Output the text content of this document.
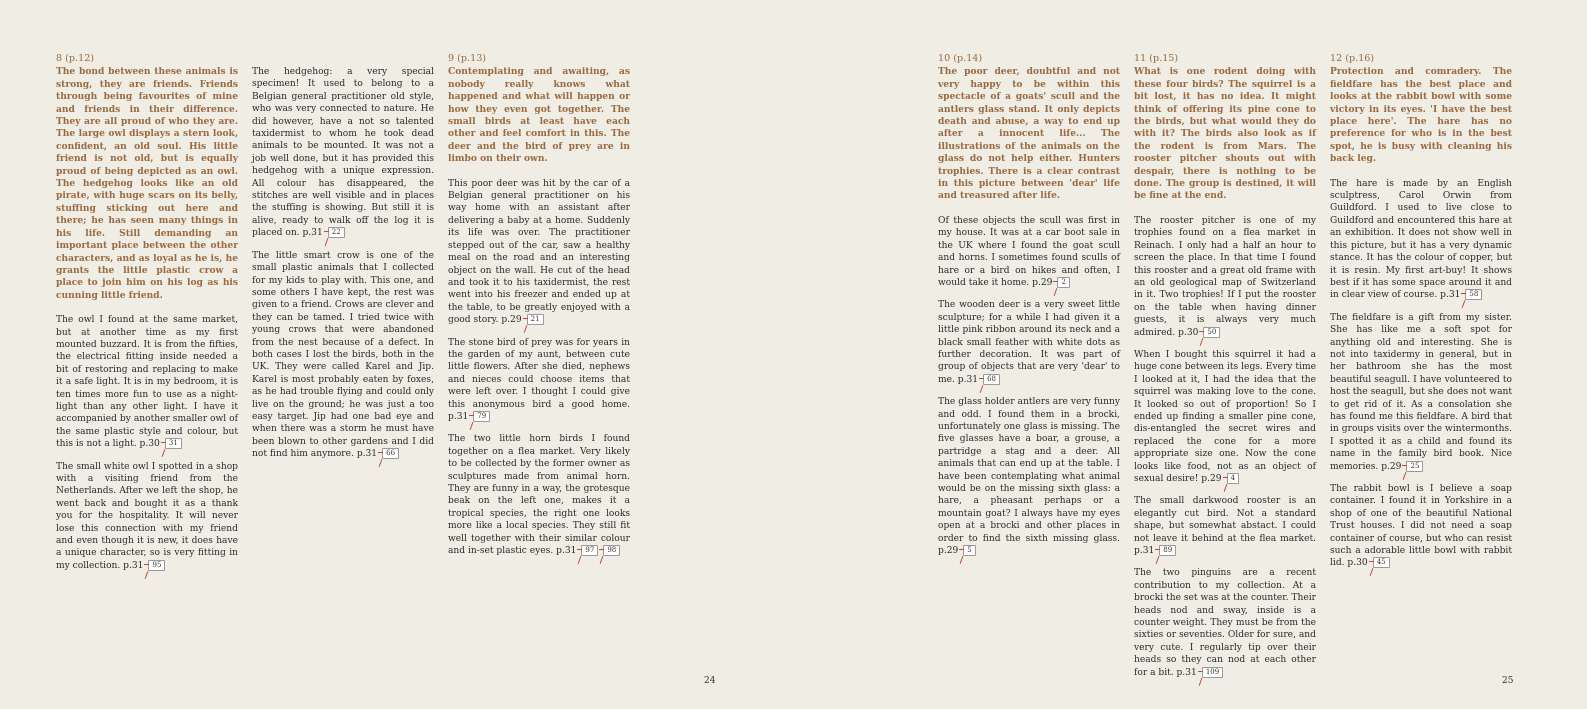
8 (p.12)
The bond between these animals is strong, they are friends. Friends through being favourites of mine and friends in their difference. They are all proud of who they are. The large owl displays a stern look, confident, an old soul. His little friend is not old, but is equally proud of being depicted as an owl. The hedgehog looks like an old pirate, with huge scars on its belly, stuffing sticking out here and there; he has seen many things in his life. Still demanding an important place between the other characters, and as loyal as he is, he grants the little plastic crow a place to join him on his log as his cunning little friend.
The owl I found at the same market, but at another time as my first mounted buzzard. It is from the fifties, the electrical fitting inside needed a bit of restoring and replacing to make it a safe light. It is in my bedroom, it is ten times more fun to use as a night-light than any other light. I have it accompanied by another smaller owl of the same plastic style and colour, but this is not a light. p.30 31
The small white owl I spotted in a shop with a visiting friend from the Netherlands. After we left the shop, he went back and bought it as a thank you for the hospitality. It will never lose this connection with my friend and even though it is new, it does have a unique character, so is very fitting in my collection. p.31 95
The hedgehog: a very special specimen! It used to belong to a Belgian general practitioner old style, who was very connected to nature. He did however, have a not so talented taxidermist to whom he took dead animals to be mounted. It was not a job well done, but it has provided this hedgehog with a unique expression. All colour has disappeared, the stitches are well visible and in places the stuffing is showing. But still it is alive, ready to walk off the log it is placed on. p.31 22
The little smart crow is one of the small plastic animals that I collected for my kids to play with. This one, and some others I have kept, the rest was given to a friend. Crows are clever and they can be tamed. I tried twice with young crows that were abandoned from the nest because of a defect. In both cases I lost the birds, both in the UK. They were called Karel and Jip. Karel is most probably eaten by foxes, as he had trouble flying and could only live on the ground; he was just a too easy target. Jip had one bad eye and when there was a storm he must have been blown to other gardens and I did not find him anymore. p.31 66
9 (p.13)
Contemplating and awaiting, as nobody really knows what happened and what will happen or how they even got together. The small birds at least have each other and feel comfort in this. The deer and the bird of prey are in limbo on their own.
This poor deer was hit by the car of a Belgian general practitioner on his way home with an assistant after delivering a baby at a home. Suddenly its life was over. The practitioner stepped out of the car, saw a healthy meal on the road and an interesting object on the wall. He cut of the head and took it to his taxidermist, the rest went into his freezer and ended up at the table, to be greatly enjoyed with a good story. p.29 21
The stone bird of prey was for years in the garden of my aunt, between cute little flowers. After she died, nephews and nieces could choose items that were left over. I thought I could give this anonymous bird a good home. p.31 79
The two little horn birds I found together on a flea market. Very likely to be collected by the former owner as sculptures made from animal horn. They are funny in a way, the grotesque beak on the left one, makes it a tropical species, the right one looks more like a local species. They still fit well together with their similar colour and in-set plastic eyes. p.31 97 98
24
10 (p.14)
The poor deer, doubtful and not very happy to be within this spectacle of a goats' scull and the antlers glass stand. It only depicts death and abuse, a way to end up after a innocent life... The illustrations of the animals on the glass do not help either. Hunters trophies. There is a clear contrast in this picture between 'dear' life and treasured after life.
Of these objects the scull was first in my house. It was at a car boot sale in the UK where I found the goat scull and horns. I sometimes found sculls of hare or a bird on hikes and often, I would take it home. p.29 2
The wooden deer is a very sweet little sculpture; for a while I had given it a little pink ribbon around its neck and a black small feather with white dots as further decoration. It was part of group of objects that are very 'dear' to me. p.31 68
The glass holder antlers are very funny and odd. I found them in a brocki, unfortunately one glass is missing. The five glasses have a boar, a grouse, a partridge a stag and a deer. All animals that can end up at the table. I have been contemplating what animal would be on the missing sixth glass: a hare, a pheasant perhaps or a mountain goat? I always have my eyes open at a brocki and other places in order to find the sixth missing glass. p.29 5
11 (p.15)
What is one rodent doing with these four birds? The squirrel is a bit lost, it has no idea. It might think of offering its pine cone to the birds, but what would they do with it? The birds also look as if the rodent is from Mars. The rooster pitcher shouts out with despair, there is nothing to be done. The group is destined, it will be fine at the end.
The rooster pitcher is one of my trophies found on a flea market in Reinach. I only had a half an hour to screen the place. In that time I found this rooster and a great old frame with an old geological map of Switzerland in it. Two trophies! If I put the rooster on the table when having dinner guests, it is always very much admired. p.30 50
When I bought this squirrel it had a huge cone between its legs. Every time I looked at it, I had the idea that the squirrel was making love to the cone. It looked so out of proportion! So I ended up finding a smaller pine cone, dis-entangled the secret wires and replaced the cone for a more appropriate size one. Now the cone looks like food, not as an object of sexual desire! p.29 4
The small darkwood rooster is an elegantly cut bird. Not a standard shape, but somewhat abstact. I could not leave it behind at the flea market. p.31 89
The two pinguins are a recent contribution to my collection. At a brocki the set was at the counter. Their heads nod and sway, inside is a counter weight. They must be from the sixties or seventies. Older for sure, and very cute. I regularly tip over their heads so they can nod at each other for a bit. p.31 109
12 (p.16)
Protection and comradery. The fieldfare has the best place and looks at the rabbit bowl with some victory in its eyes. 'I have the best place here'. The hare has no preference for who is in the best spot, he is busy with cleaning his back leg.
The hare is made by an English sculptress, Carol Orwin from Guildford. I used to live close to Guildford and encountered this hare at an exhibition. It does not show well in this picture, but it has a very dynamic stance. It has the colour of copper, but it is resin. My first art-buy! It shows best if it has some space around it and in clear view of course. p.31 58
The fieldfare is a gift from my sister. She has like me a soft spot for anything old and interesting. She is not into taxidermy in general, but in her bathroom she has the most beautiful seagull. I have volunteered to host the seagull, but she does not want to get rid of it. As a consolation she has found me this fieldfare. A bird that in groups visits over the wintermonths. I spotted it as a child and found its name in the family bird book. Nice memories. p.29 25
The rabbit bowl is I believe a soap container. I found it in Yorkshire in a shop of one of the beautiful National Trust houses. I did not need a soap container of course, but who can resist such a adorable little bowl with rabbit lid. p.30 45
25
